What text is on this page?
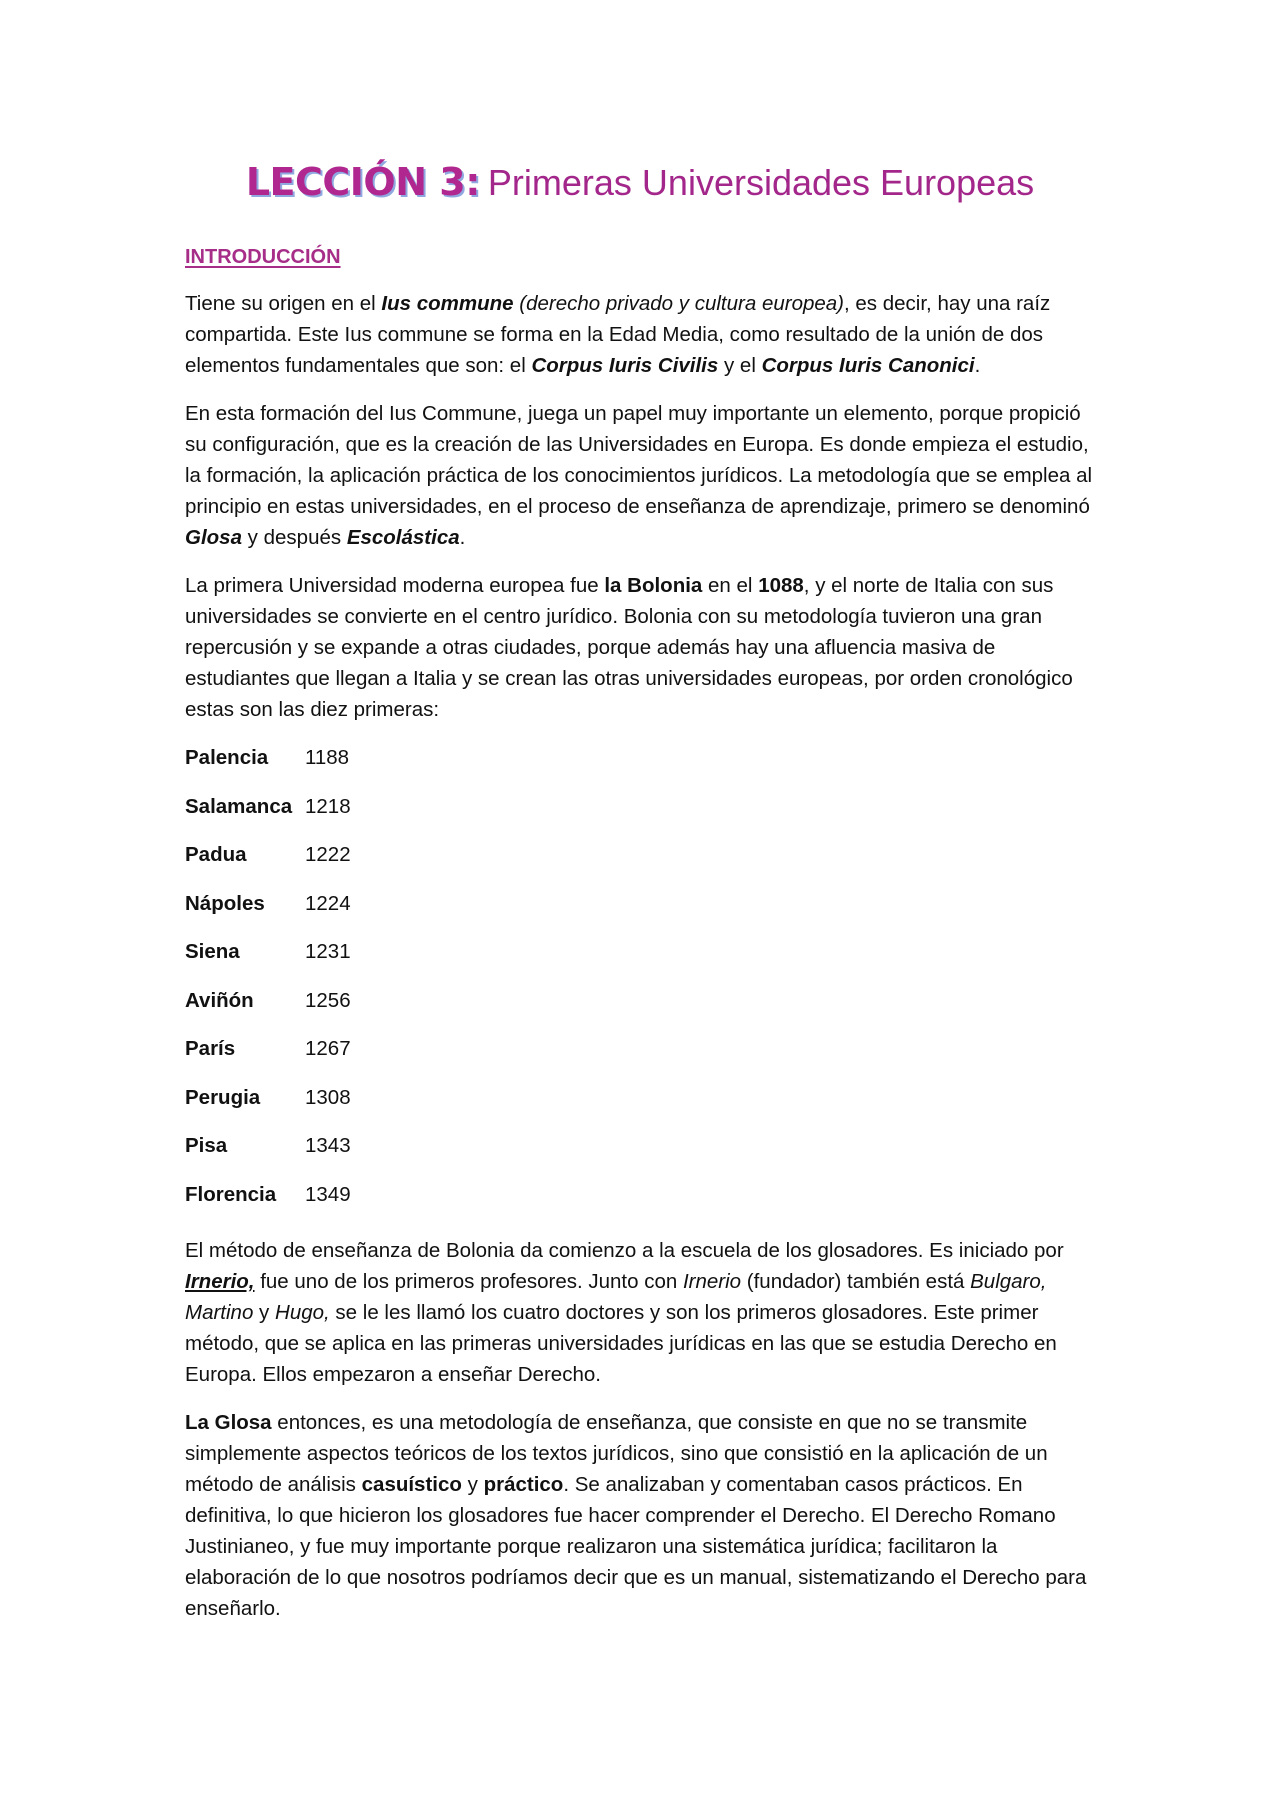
LECCIÓN 3: Primeras Universidades Europeas
INTRODUCCIÓN

Tiene su origen en el Ius commune (derecho privado y cultura europea), es decir, hay una raíz compartida. Este Ius commune se forma en la Edad Media, como resultado de la unión de dos elementos fundamentales que son: el Corpus Iuris Civilis y el Corpus Iuris Canonici.

En esta formación del Ius Commune, juega un papel muy importante un elemento, porque propició su configuración, que es la creación de las Universidades en Europa. Es donde empieza el estudio, la formación, la aplicación práctica de los conocimientos jurídicos. La metodología que se emplea al principio en estas universidades, en el proceso de enseñanza de aprendizaje, primero se denominó Glosa y después Escolástica.

La primera Universidad moderna europea fue la Bolonia en el 1088, y el norte de Italia con sus universidades se convierte en el centro jurídico. Bolonia con su metodología tuvieron una gran repercusión y se expande a otras ciudades, porque además hay una afluencia masiva de estudiantes que llegan a Italia y se crean las otras universidades europeas, por orden cronológico estas son las diez primeras:

Palencia 1188
Salamanca 1218
Padua	1222
Nápoles 1224
Siena	1231
Aviñón	1256
París	1267
Perugia 1308
Pisa	1343
Florencia 1349

El método de enseñanza de Bolonia da comienzo a la escuela de los glosadores. Es iniciado por Irnerio, fue uno de los primeros profesores. Junto con Irnerio (fundador) también está Bulgaro, Martino y Hugo, se le les llamó los cuatro doctores y son los primeros glosadores. Este primer método, que se aplica en las primeras universidades jurídicas en las que se estudia Derecho en Europa. Ellos empezaron a enseñar Derecho.

La Glosa entonces, es una metodología de enseñanza, que consiste en que no se transmite simplemente aspectos teóricos de los textos jurídicos, sino que consistió en la aplicación de un método de análisis casuístico y práctico. Se analizaban y comentaban casos prácticos. En definitiva, lo que hicieron los glosadores fue hacer comprender el Derecho. El Derecho Romano Justinianeo, y fue muy importante porque realizaron una sistemática jurídica; facilitaron la elaboración de lo que nosotros podríamos decir que es un manual, sistematizando el Derecho para enseñarlo.
